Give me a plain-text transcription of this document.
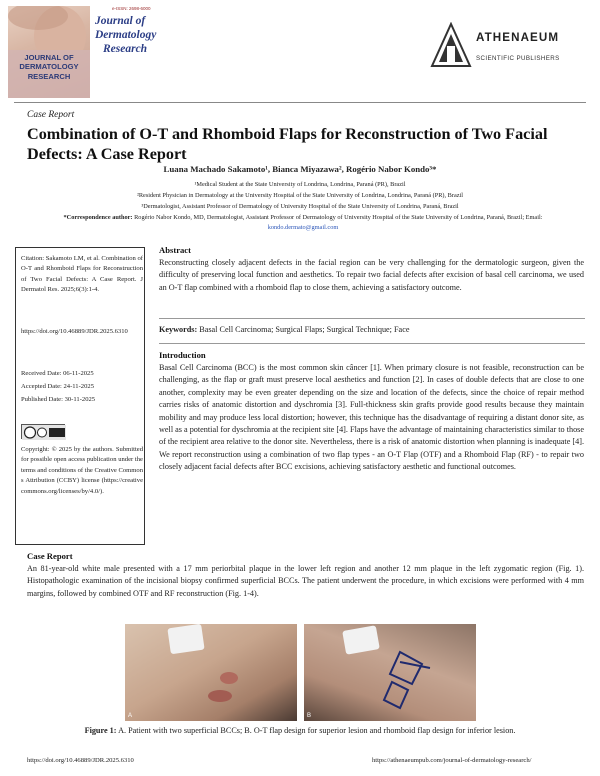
JOURNAL OF
DERMATOLOGY
RESEARCH
e-ISSN: 2698-6000
Journal of
Dermatology
Research
ATHENAEUM
SCIENTIFIC PUBLISHERS
Case Report
Combination of O-T and Rhomboid Flaps for Reconstruction of Two Facial Defects: A Case Report
Luana Machado Sakamoto¹, Bianca Miyazawa², Rogério Nabor Kondo³*
¹Medical Student at the State University of Londrina, Londrina, Paraná (PR), Brazil
²Resident Physician in Dermatology at the University Hospital of the State University of Londrina, Londrina, Paraná (PR), Brazil
³Dermatologist, Assistant Professor of Dermatology of University Hospital of the State University of Londrina, Paraná, Brazil
*Correspondence author: Rogério Nabor Kondo, MD, Dermatologist, Assistant Professor of Dermatology of University Hospital of the State University of Londrina, Paraná, Brazil; Email: kondo.dermato@gmail.com
Citation: Sakamoto LM, et al. Combination of O-T and Rhomboid Flaps for Reconstruction of Two Facial Defects: A Case Report. J Dermatol Res. 2025;6(3):1-4.
https://doi.org/10.46889/JDR.2025.6310
Received Date: 06-11-2025
Accepted Date: 24-11-2025
Published Date: 30-11-2025
Copyright: © 2025 by the authors. Submitted for possible open access publication under the terms and conditions of the Creative Commons Attribution (CCBY) license (https://creativecommons.org/licenses/by/4.0/).
Abstract
Reconstructing closely adjacent defects in the facial region can be very challenging for the dermatologic surgeon, given the difficulty of preserving local function and aesthetics. To repair two facial defects after excision of basal cell carcinoma, we used an O-T flap combined with a rhomboid flap to close them, achieving a satisfactory outcome.
Keywords: Basal Cell Carcinoma; Surgical Flaps; Surgical Technique; Face
Introduction
Basal Cell Carcinoma (BCC) is the most common skin câncer [1]. When primary closure is not feasible, reconstruction can be challenging, as the flap or graft must preserve local aesthetics and function [2]. In cases of double defects that are close to one another, complexity may be even greater depending on the size and location of the defects, since the choice of repair method carries risks of anatomic distortion and dyschromia [3]. Full-thickness skin grafts provide good results because they maintain mobility and may produce less local distortion; however, this technique has the disadvantage of requiring a distant donor site, as well as a potential for dyschromia at the recipient site [4]. Flaps have the advantage of maintaining characteristics similar to those of the recipient area relative to the donor site. Nevertheless, there is a risk of anatomic distortion when planning is inadequate [4]. We report reconstruction using a combination of two flap types - an O-T Flap (OTF) and a Rhomboid Flap (RF) - to repair two closely adjacent facial defects after BCC excisions, achieving satisfactory aesthetic and functional outcomes.
Case Report
An 81-year-old white male presented with a 17 mm periorbital plaque in the lower left region and another 12 mm plaque in the left zygomatic region (Fig. 1). Histopathologic examination of the incisional biopsy confirmed superficial BCCs. The patient underwent the procedure, in which excisions were performed with 4 mm margins, followed by combined OTF and RF reconstruction (Fig. 1-4).
A	B
Figure 1: A. Patient with two superficial BCCs; B. O-T flap design for superior lesion and rhomboid flap design for inferior lesion.
https://doi.org/10.46889/JDR.2025.6310	https://athenaeumpub.com/journal-of-dermatology-research/
